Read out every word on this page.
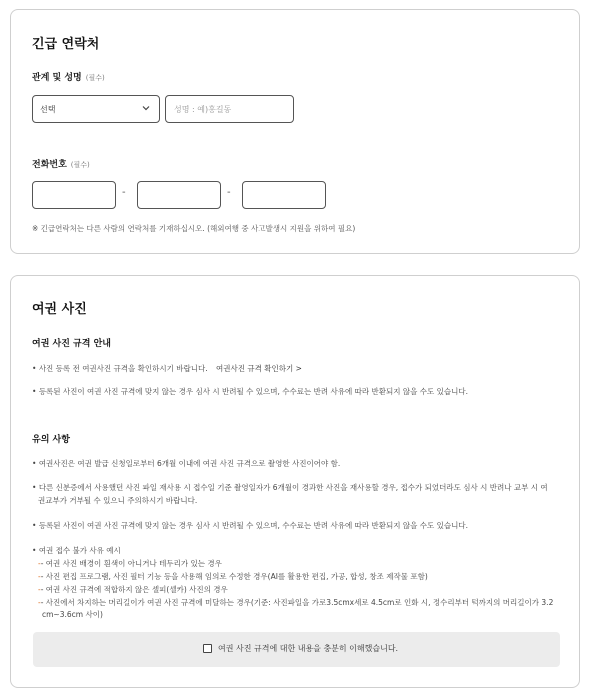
긴급 연락처
관계 및 성명 (필수)
선택
성명 : 예)홍길동
전화번호 (필수)
-	-
※ 긴급연락처는 다른 사람의 연락처를 기재하십시오. (해외여행 중 사고발생시 지원을 위하여 필요)
여권 사진
여권 사진 규격 안내
• 사진 등록 전 여권사진 규격을 확인하시기 바랍니다. 여권사진 규격 확인하기 >
• 등록된 사진이 여권 사진 규격에 맞지 않는 경우 심사 시 반려될 수 있으며, 수수료는 반려 사유에 따라 반환되지 않을 수도 있습니다.
유의 사항
• 여권사진은 여권 발급 신청일로부터 6개월 이내에 여권 사진 규격으로 촬영한 사진이어야 함.
• 다른 신분증에서 사용했던 사진 파일 재사용 시 접수일 기준 촬영일자가 6개월이 경과한 사진을 재사용할 경우, 접수가 되었더라도 심사 시 반려나 교부 시 여
권교부가 거부될 수 있으니 주의하시기 바랍니다.
• 등록된 사진이 여권 사진 규격에 맞지 않는 경우 심사 시 반려될 수 있으며, 수수료는 반려 사유에 따라 반환되지 않을 수도 있습니다.
• 여권 접수 불가 사유 예시
-- 여권 사진 배경이 흰색이 아니거나 테두리가 있는 경우
-- 사진 편집 프로그램, 사진 필터 기능 등을 사용해 임의로 수정한 경우(AI를 활용한 편집, 가공, 합성, 창조 제작물 포함)
-- 여권 사진 규격에 적합하지 않은 셀피(셀카) 사진의 경우
-- 사진에서 차지하는 머리길이가 여권 사진 규격에 미달하는 경우(기준: 사진파일을 가로3.5cmx세로 4.5cm로 인화 시, 정수리부터 턱까지의 머리길이가 3.2
cm~3.6cm 사이)
여권 사진 규격에 대한 내용을 충분히 이해했습니다.
